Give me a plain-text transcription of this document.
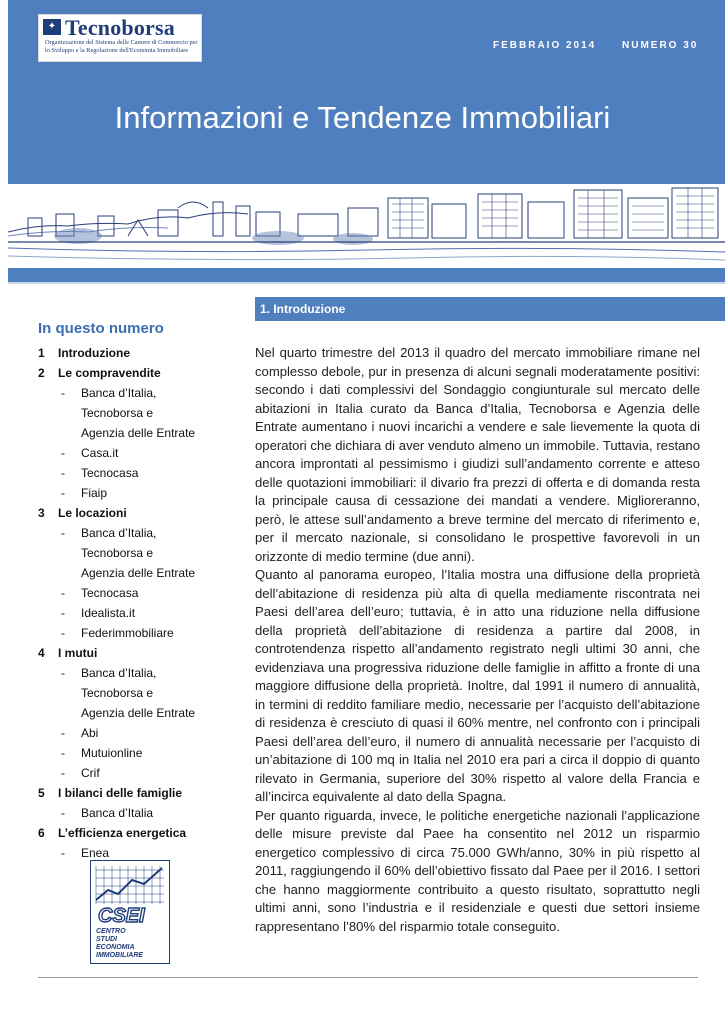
✦ Tecnoborsa
Organizzazione del Sistema delle Camere di Commercio per lo Sviluppo e la Regolazione dell'Economia Immobiliare	FEBBRAIO 2014	NUMERO 30
Informazioni e Tendenze Immobiliari
In questo numero
1 Introduzione
2 Le compravendite
- Banca d’Italia,
Tecnoborsa e
Agenzia delle Entrate
- Casa.it
- Tecnocasa
- Fiaip
3 Le locazioni
- Banca d’Italia,
Tecnoborsa e
Agenzia delle Entrate
- Tecnocasa
- Idealista.it
- Federimmobiliare
4 I mutui
- Banca d’Italia,
Tecnoborsa e
Agenzia delle Entrate
- Abi
- Mutuionline
- Crif
5 I bilanci delle famiglie
- Banca d’Italia
6 L’efficienza energetica
- Enea
CSEI
CENTRO
STUDI
ECONOMIA
IMMOBILIARE
1. Introduzione

Nel quarto trimestre del 2013 il quadro del mercato immobiliare rimane nel complesso debole, pur in presenza di alcuni segnali moderatamente positivi: secondo i dati complessivi del Sondaggio congiunturale sul mercato delle abitazioni in Italia curato da Banca d’Italia, Tecnoborsa e Agenzia delle Entrate aumentano i nuovi incarichi a vendere e sale lievemente la quota di operatori che dichiara di aver venduto almeno un immobile. Tuttavia, restano ancora improntati al pessimismo i giudizi sull’andamento corrente e atteso delle quotazioni immobiliari: il divario fra prezzi di offerta e di domanda resta la principale causa di cessazione dei mandati a vendere. Miglioreranno, però, le attese sull’andamento a breve termine del mercato di riferimento e, per il mercato nazionale, si consolidano le prospettive favorevoli in un orizzonte di medio termine (due anni).

Quanto al panorama europeo, l’Italia mostra una diffusione della proprietà dell’abitazione di residenza più alta di quella mediamente riscontrata nei Paesi dell’area dell’euro; tuttavia, è in atto una riduzione nella diffusione della proprietà dell’abitazione di residenza a partire dal 2008, in controtendenza rispetto all’andamento registrato negli ultimi 30 anni, che evidenziava una progressiva riduzione delle famiglie in affitto a fronte di una maggiore diffusione della proprietà. Inoltre, dal 1991 il numero di annualità, in termini di reddito familiare medio, necessarie per l’acquisto dell’abitazione di residenza è cresciuto di quasi il 60% mentre, nel confronto con i principali Paesi dell’area dell’euro, il numero di annualità necessarie per l’acquisto di un’abitazione di 100 mq in Italia nel 2010 era pari a circa il doppio di quanto rilevato in Germania, superiore del 30% rispetto al valore della Francia e all’incirca equivalente al dato della Spagna.

Per quanto riguarda, invece, le politiche energetiche nazionali l’applicazione delle misure previste dal Paee ha consentito nel 2012 un risparmio energetico complessivo di circa 75.000 GWh/anno, 30% in più rispetto al 2011, raggiungendo il 60% dell’obiettivo fissato dal Paee per il 2016. I settori che hanno maggiormente contribuito a questo risultato, soprattutto negli ultimi anni, sono l’industria e il residenziale e questi due settori insieme rappresentano l’80% del risparmio totale conseguito.
